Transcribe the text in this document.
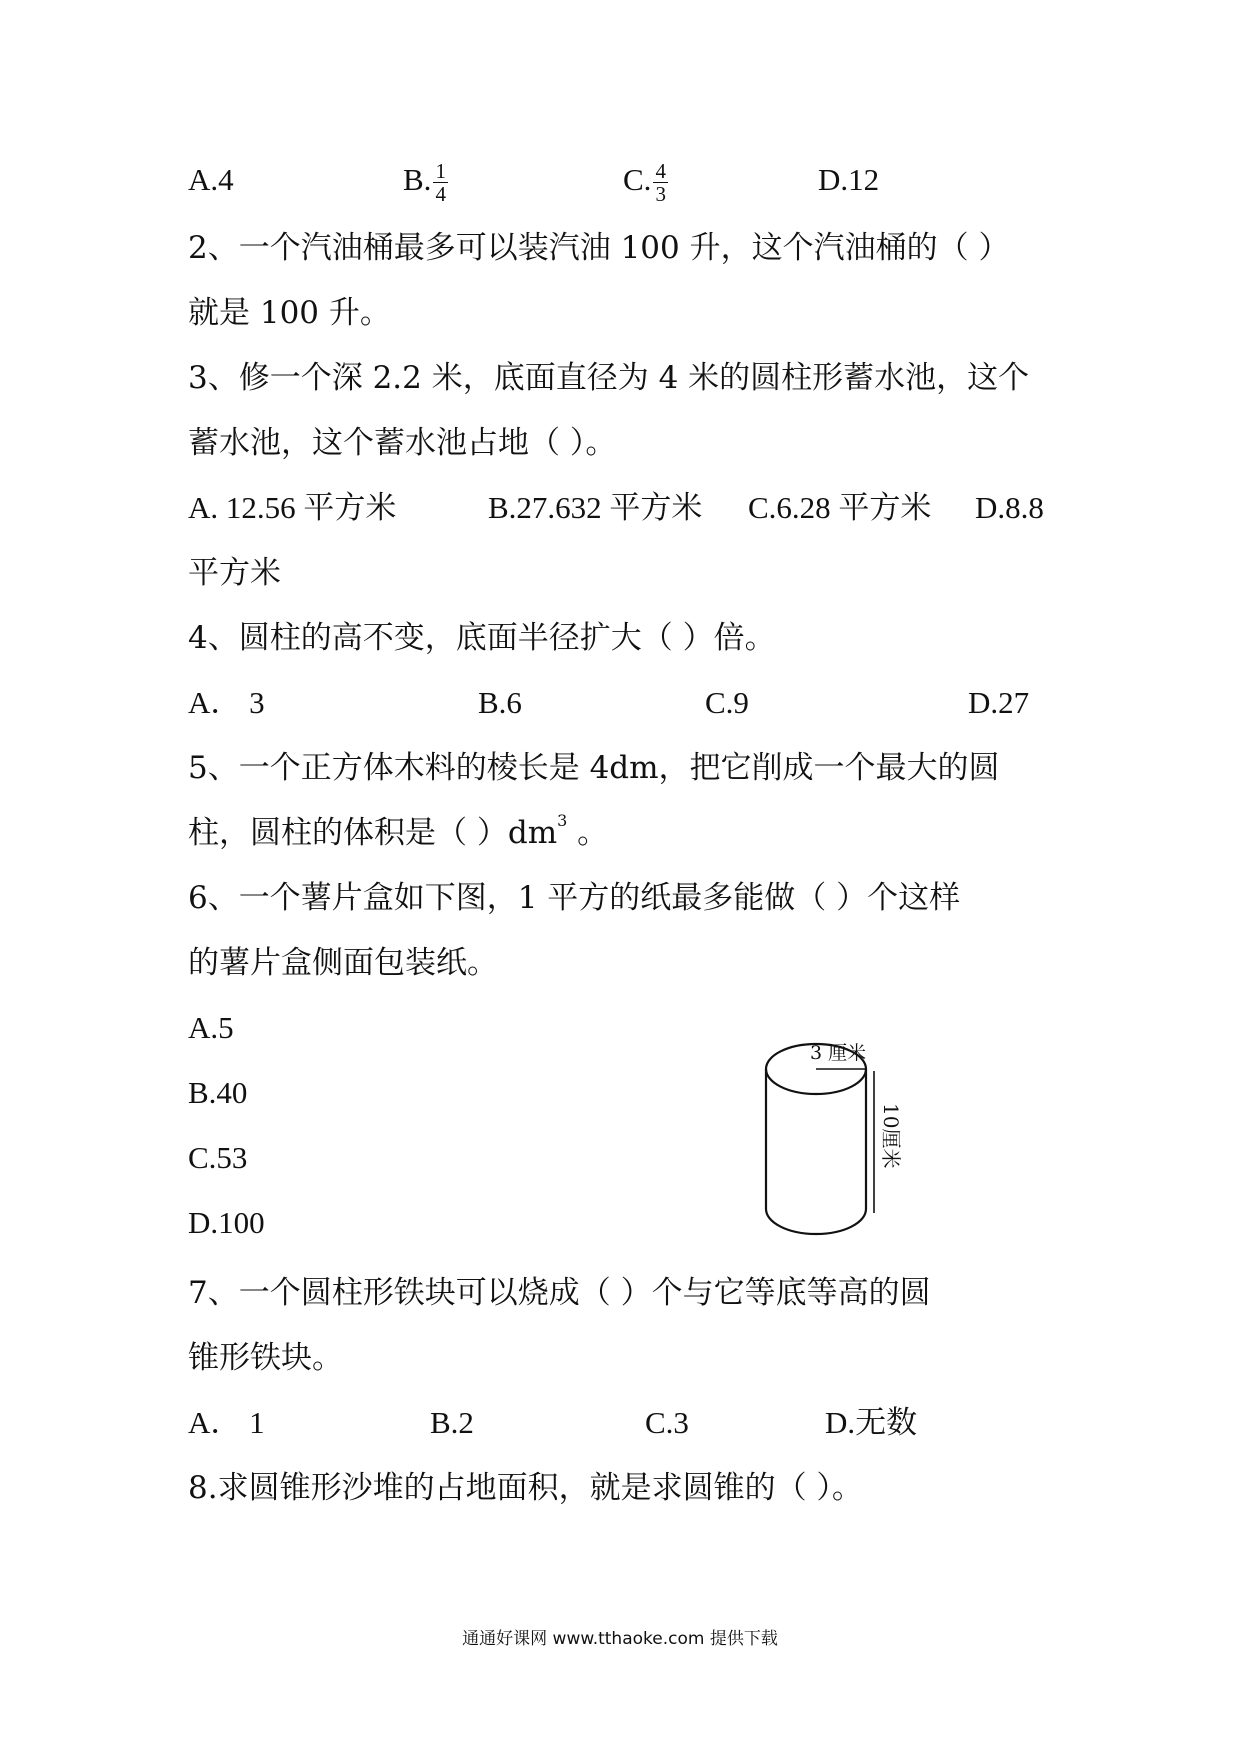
A.4	B. $\frac{1}{4}$	C. $\frac{4}{3}$	D.12
2、一个汽油桶最多可以装汽油 100 升，这个汽油桶的（ ）
就是 100 升。
3、修一个深 2.2 米，底面直径为 4 米的圆柱形蓄水池，这个
蓄水池，这个蓄水池占地（ ）。
A. 12.56 平方米	B.27.632 平方米 C.6.28 平方米 D.8.8
平方米
4、圆柱的高不变，底面半径扩大（ ）倍。
A． 3	B.6	C.9	D.27
5、一个正方体木料的棱长是 4dm，把它削成一个最大的圆
柱，圆柱的体积是（ ）$dm^3$ 。
6、一个薯片盒如下图，1 平方的纸最多能做（ ）个这样
的薯片盒侧面包装纸。
A.5
B.40
C.53
D.100
3 厘米
10厘米
7、一个圆柱形铁块可以烧成（ ）个与它等底等高的圆
锥形铁块。
A． 1	B.2	C.3	D.无数
8.求圆锥形沙堆的占地面积，就是求圆锥的（ ）。
通通好课网 www.tthaoke.com 提供下载
